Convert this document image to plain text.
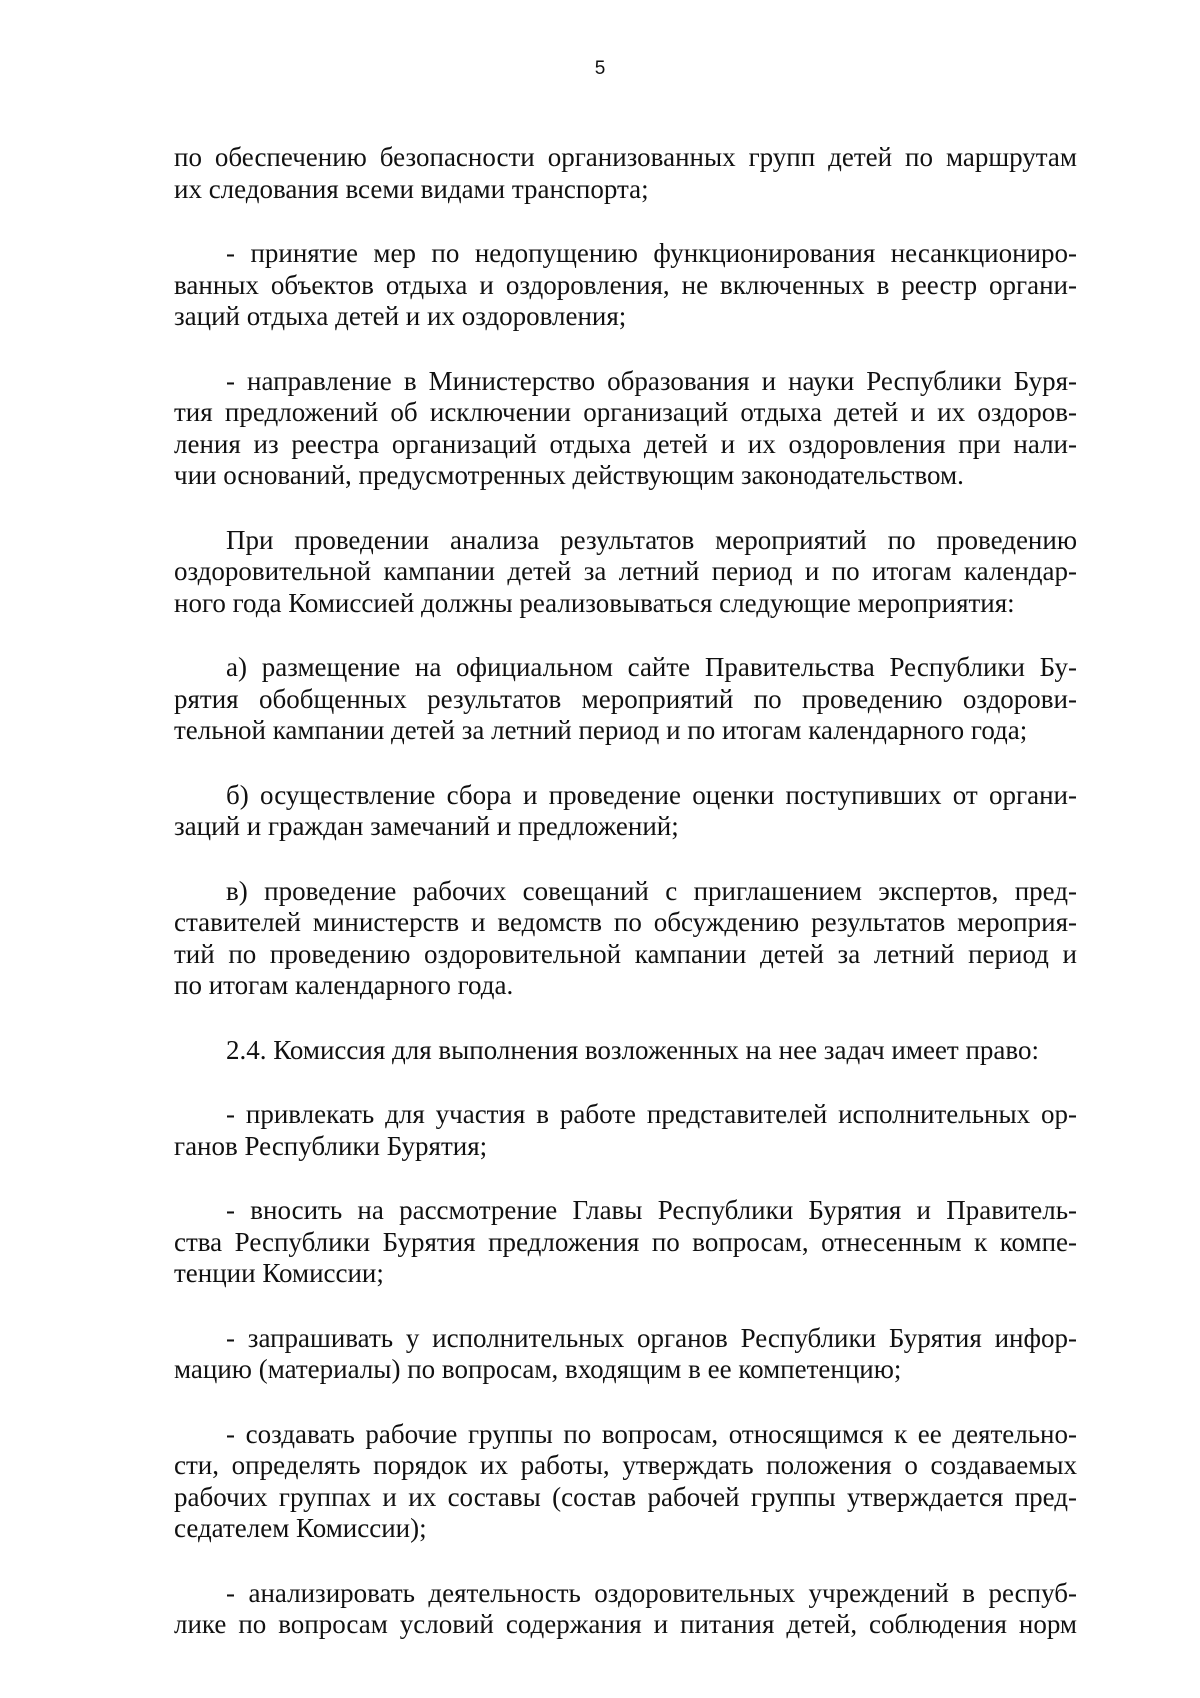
5
по обеспечению безопасности организованных групп детей по маршрутам
их следования всеми видами транспорта;
- принятие мер по недопущению функционирования несанкциониро-
ванных объектов отдыха и оздоровления, не включенных в реестр органи-
заций отдыха детей и их оздоровления;
- направление в Министерство образования и науки Республики Буря-
тия предложений об исключении организаций отдыха детей и их оздоров-
ления из реестра организаций отдыха детей и их оздоровления при нали-
чии оснований, предусмотренных действующим законодательством.
При проведении анализа результатов мероприятий по проведению
оздоровительной кампании детей за летний период и по итогам календар-
ного года Комиссией должны реализовываться следующие мероприятия:
а) размещение на официальном сайте Правительства Республики Бу-
рятия обобщенных результатов мероприятий по проведению оздорови-
тельной кампании детей за летний период и по итогам календарного года;
б) осуществление сбора и проведение оценки поступивших от органи-
заций и граждан замечаний и предложений;
в) проведение рабочих совещаний с приглашением экспертов, пред-
ставителей министерств и ведомств по обсуждению результатов мероприя-
тий по проведению оздоровительной кампании детей за летний период и
по итогам календарного года.
2.4. Комиссия для выполнения возложенных на нее задач имеет право:
- привлекать для участия в работе представителей исполнительных ор-
ганов Республики Бурятия;
- вносить на рассмотрение Главы Республики Бурятия и Правитель-
ства Республики Бурятия предложения по вопросам, отнесенным к компе-
тенции Комиссии;
- запрашивать у исполнительных органов Республики Бурятия инфор-
мацию (материалы) по вопросам, входящим в ее компетенцию;
- создавать рабочие группы по вопросам, относящимся к ее деятельно-
сти, определять порядок их работы, утверждать положения о создаваемых
рабочих группах и их составы (состав рабочей группы утверждается пред-
седателем Комиссии);
- анализировать деятельность оздоровительных учреждений в респуб-
лике по вопросам условий содержания и питания детей, соблюдения норм
